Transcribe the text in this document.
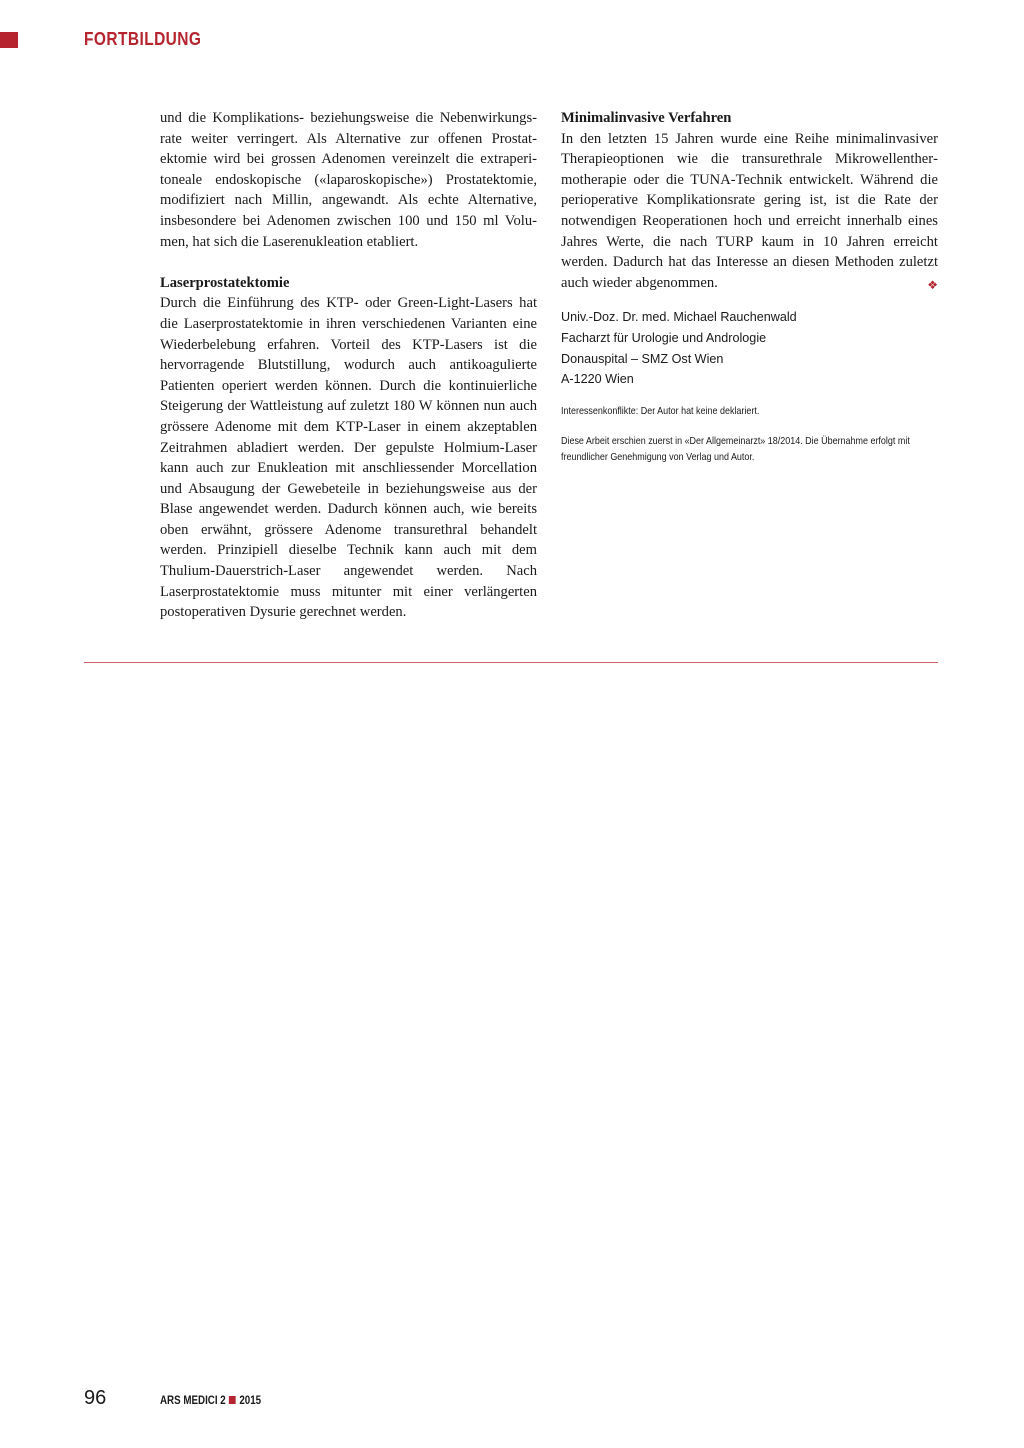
FORTBILDUNG

und die Komplikations- beziehungsweise die Nebenwirkungsrate weiter verringert. Als Alternative zur offenen Prostatektomie wird bei grossen Adenomen vereinzelt die extraperitoneale endoskopische («laparoskopische») Prostatektomie, modifiziert nach Millin, angewandt. Als echte Alternative, insbesondere bei Adenomen zwischen 100 und 150 ml Volumen, hat sich die Laserenukleation etabliert.

Laserprostatektomie

Durch die Einführung des KTP- oder Green-Light-Lasers hat die Laserprostatektomie in ihren verschiedenen Varianten eine Wiederbelebung erfahren. Vorteil des KTP-Lasers ist die hervorragende Blutstillung, wodurch auch antikoagulierte Patienten operiert werden können. Durch die kontinuierliche Steigerung der Wattleistung auf zuletzt 180 W können nun auch grössere Adenome mit dem KTP-Laser in einem akzeptablen Zeitrahmen abladiert werden. Der gepulste Holmium-Laser kann auch zur Enukleation mit anschliessender Morcellation und Absaugung der Gewebeteile in beziehungsweise aus der Blase angewendet werden. Dadurch können auch, wie bereits oben erwähnt, grössere Adenome transurethral behandelt werden. Prinzipiell dieselbe Technik kann auch mit dem Thulium-Dauerstrich-Laser angewendet werden. Nach Laserprostatektomie muss mitunter mit einer verlängerten postoperativen Dysurie gerechnet werden.

Minimalinvasive Verfahren

In den letzten 15 Jahren wurde eine Reihe minimalinvasiver Therapieoptionen wie die transurethrale Mikrowellenthermotherapie oder die TUNA-Technik entwickelt. Während die perioperative Komplikationsrate gering ist, ist die Rate der notwendigen Reoperationen hoch und erreicht innerhalb eines Jahres Werte, die nach TURP kaum in 10 Jahren erreicht werden. Dadurch hat das Interesse an diesen Methoden zuletzt auch wieder abgenommen.	❖

Univ.-Doz. Dr. med. Michael Rauchenwald
Facharzt für Urologie und Andrologie
Donauspital – SMZ Ost Wien
A-1220 Wien
Interessenkonflikte: Der Autor hat keine deklariert.
Diese Arbeit erschien zuerst in «Der Allgemeinarzt» 18/2014. Die Übernahme erfolgt mit freundlicher Genehmigung von Verlag und Autor.
96	ARS MEDICI 2 2015
